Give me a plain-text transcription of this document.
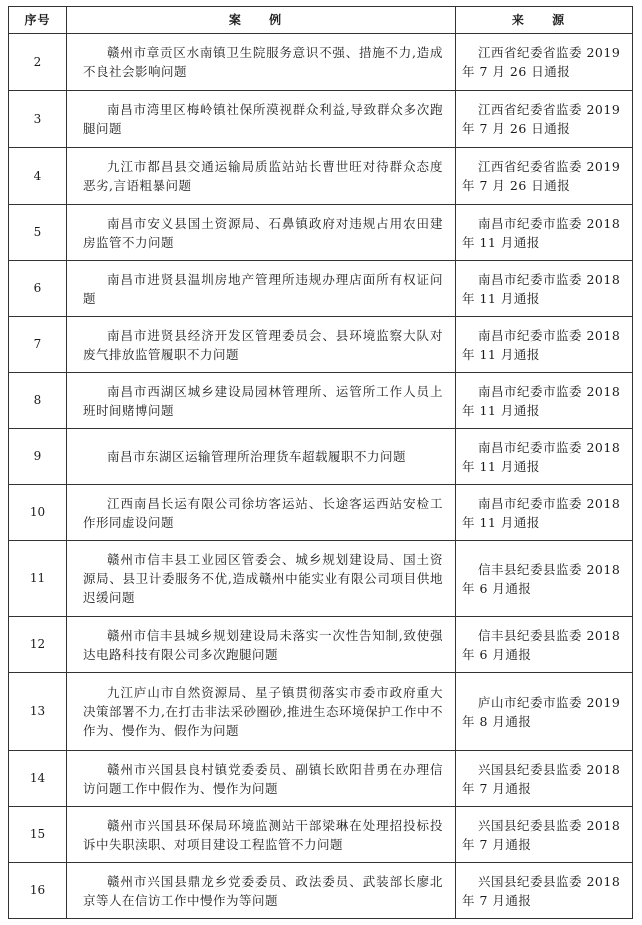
序号	案 例	来 源
2	赣州市章贡区水南镇卫生院服务意识不强、措施不力,造成不良社会影响问题	江西省纪委省监委 2019 年 7 月 26 日通报
3	南昌市湾里区梅岭镇社保所漠视群众利益,导致群众多次跑腿问题	江西省纪委省监委 2019 年 7 月 26 日通报
4	九江市都昌县交通运输局质监站站长曹世旺对待群众态度恶劣,言语粗暴问题	江西省纪委省监委 2019 年 7 月 26 日通报
5	南昌市安义县国土资源局、石鼻镇政府对违规占用农田建房监管不力问题	南昌市纪委市监委 2018 年 11 月通报
6	南昌市进贤县温圳房地产管理所违规办理店面所有权证问题	南昌市纪委市监委 2018 年 11 月通报
7	南昌市进贤县经济开发区管理委员会、县环境监察大队对废气排放监管履职不力问题	南昌市纪委市监委 2018 年 11 月通报
8	南昌市西湖区城乡建设局园林管理所、运管所工作人员上班时间赌博问题	南昌市纪委市监委 2018 年 11 月通报
9	南昌市东湖区运输管理所治理货车超载履职不力问题	南昌市纪委市监委 2018 年 11 月通报
10	江西南昌长运有限公司徐坊客运站、长途客运西站安检工作形同虚设问题	南昌市纪委市监委 2018 年 11 月通报
11	赣州市信丰县工业园区管委会、城乡规划建设局、国土资源局、县卫计委服务不优,造成赣州中能实业有限公司项目供地迟缓问题	信丰县纪委县监委 2018 年 6 月通报
12	赣州市信丰县城乡规划建设局未落实一次性告知制,致使强达电路科技有限公司多次跑腿问题	信丰县纪委县监委 2018 年 6 月通报
13	九江庐山市自然资源局、星子镇贯彻落实市委市政府重大决策部署不力,在打击非法采砂圈砂,推进生态环境保护工作中不作为、慢作为、假作为问题	庐山市纪委市监委 2019 年 8 月通报
14	赣州市兴国县良村镇党委委员、副镇长欧阳昔勇在办理信访问题工作中假作为、慢作为问题	兴国县纪委县监委 2018 年 7 月通报
15	赣州市兴国县环保局环境监测站干部梁琳在处理招投标投诉中失职渎职、对项目建设工程监管不力问题	兴国县纪委县监委 2018 年 7 月通报
16	赣州市兴国县鼎龙乡党委委员、政法委员、武装部长廖北京等人在信访工作中慢作为等问题	兴国县纪委县监委 2018 年 7 月通报
